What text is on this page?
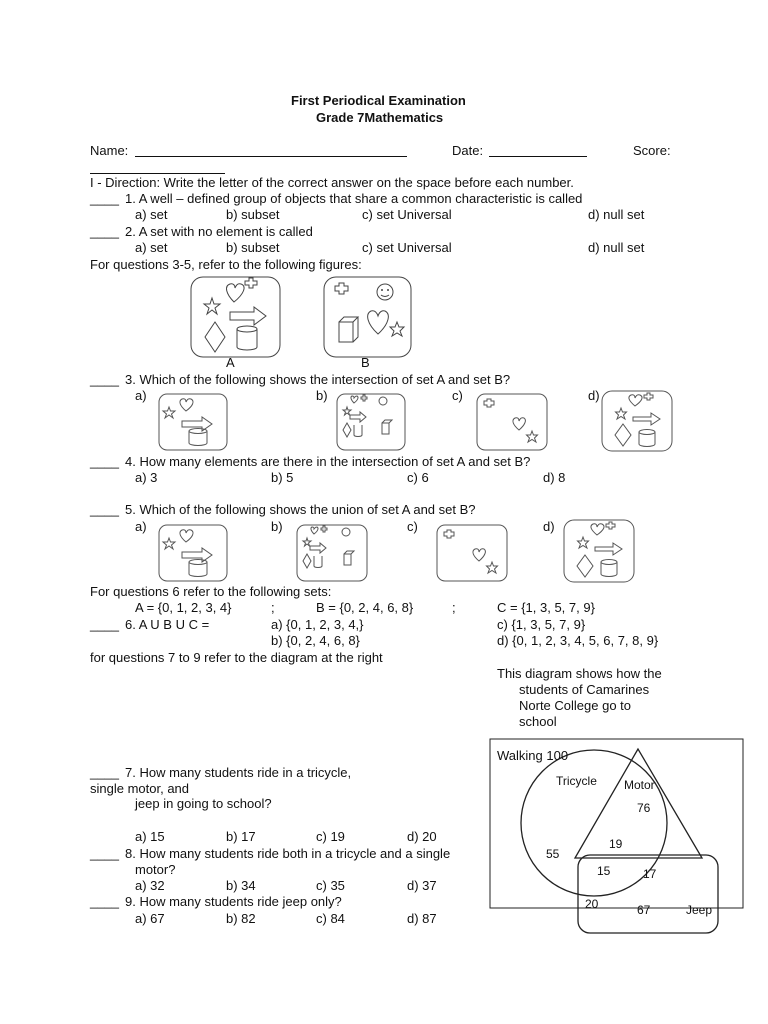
First Periodical Examination
Grade 7Mathematics
Name:	Date:	Score:
I - Direction: Write the letter of the correct answer on the space before each number.
____ 1. A well – defined group of objects that share a common characteristic is called
a) set	b) subset	c) set Universal	d) null set
____ 2. A set with no element is called
a) set	b) subset	c) set Universal	d) null set
For questions 3-5, refer to the following figures:
A	B
____ 3. Which of the following shows the intersection of set A and set B?
a)	b)	c)	d)
____ 4. How many elements are there in the intersection of set A and set B?
a) 3	b) 5	c) 6	d) 8
____ 5. Which of the following shows the union of set A and set B?
a)	b)	c)	d)
For questions 6 refer to the following sets:
A = {0, 1, 2, 3, 4}	;	B = {0, 2, 4, 6, 8}	;	C = {1, 3, 5, 7, 9}
____ 6. A U B U C =	a) {0, 1, 2, 3, 4,}	c) {1, 3, 5, 7, 9}
b) {0, 2, 4, 6, 8}	d) {0, 1, 2, 3, 4, 5, 6, 7, 8, 9}
for questions 7 to 9 refer to the diagram at the right
This diagram shows how the
students of Camarines
Norte College go to
school
Walking 100
Tricycle Motor
76
55
19
15	17
20	67	Jeep
____ 7. How many students ride in a tricycle,
single motor, and
jeep in going to school?
a) 15	b) 17	c) 19	d) 20
____ 8. How many students ride both in a tricycle and a single
motor?
a) 32	b) 34	c) 35	d) 37
____ 9. How many students ride jeep only?
a) 67	b) 82	c) 84	d) 87
